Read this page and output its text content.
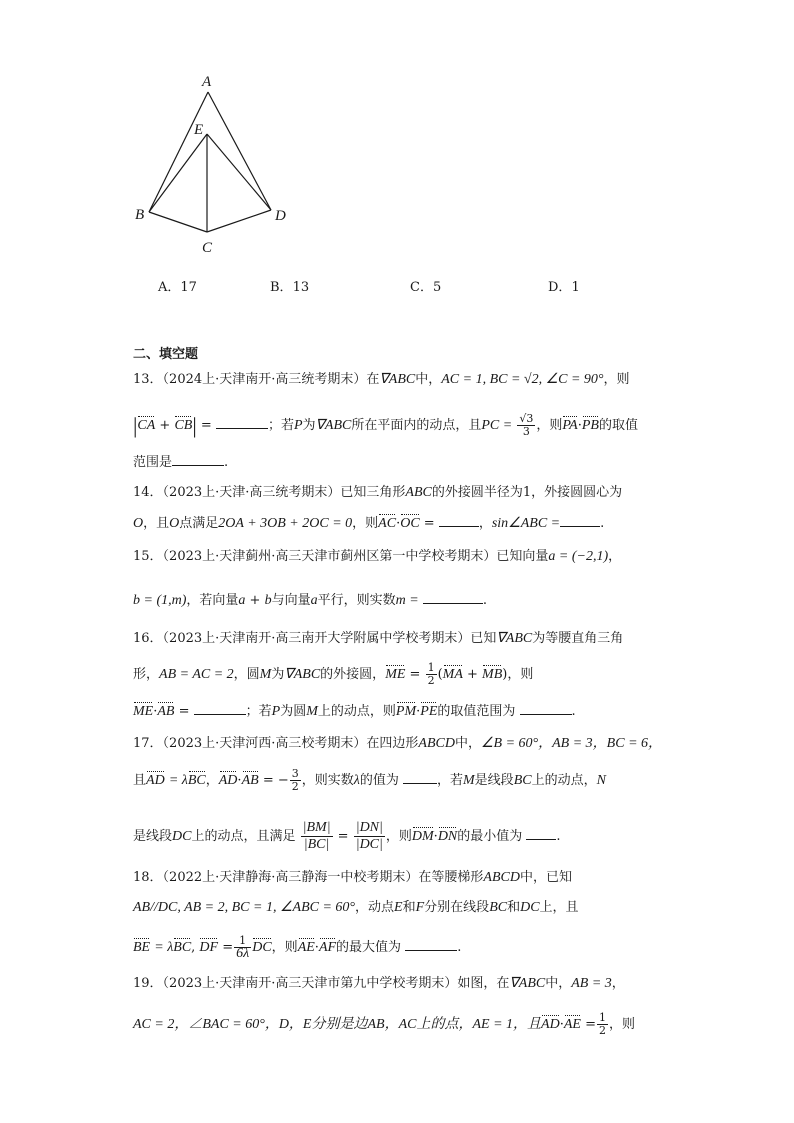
A
E
B	D
C
A．17	B．13	C．5	D．1
二、填空题
13．（2024上·天津南开·高三统考期末）在∇ABC中，AC = 1, BC = √2, ∠C = 90°，则
|CA + CB| =	；若P为∇ABC所在平面内的动点，且PC = $\frac{√3}{3}$ ，则PA·PB的取值
范围是	.
14．（2023上·天津·高三统考期末）已知三角形ABC的外接圆半径为1，外接圆圆心为
O，且O点满足2OA + 3OB + 2OC = 0，则AC·OC =	，sin∠ABC =	.
15．（2023上·天津蓟州·高三天津市蓟州区第一中学校考期末）已知向量a = (−2,1)，
b = (1,m)，若向量a + b与向量a平行，则实数m =	.
16．（2023上·天津南开·高三南开大学附属中学校考期末）已知∇ABC为等腰直角三角
形，AB = AC = 2，圆M为∇ABC的外接圆，ME = $\frac{1}{2} (MA + MB)$，则
ME·AB =	；若P为圆M上的动点，则PM·PE的取值范围为	.
17．（2023上·天津河西·高三校考期末）在四边形ABCD中，∠B = 60°，AB = 3，BC = 6，
且AD = λBC，AD·AB = − $\frac{3}{2}$ ，则实数λ的值为	，若M是线段BC上的动点，N
是线段DC上的动点，且满足 $\frac{|BM|}{|BC|} = \frac{|DN|}{|DC|}$ ，则DM·DN的最小值为	.
18．（2022上·天津静海·高三静海一中校考期末）在等腰梯形ABCD中，已知
AB//DC, AB = 2, BC = 1, ∠ABC = 60°，动点E和F分别在线段BC和DC上，且
BE = λBC, DF = $\frac{1}{6\lambda}$ DC，则AE·AF的最大值为	.
19．（2023上·天津南开·高三天津市第九中学校考期末）如图，在∇ABC中，AB = 3，
AC = 2，∠BAC = 60°，D，E分别是边AB，AC上的点，AE = 1，且$AD\cdot AE = \frac{1}{2}$ ，则
